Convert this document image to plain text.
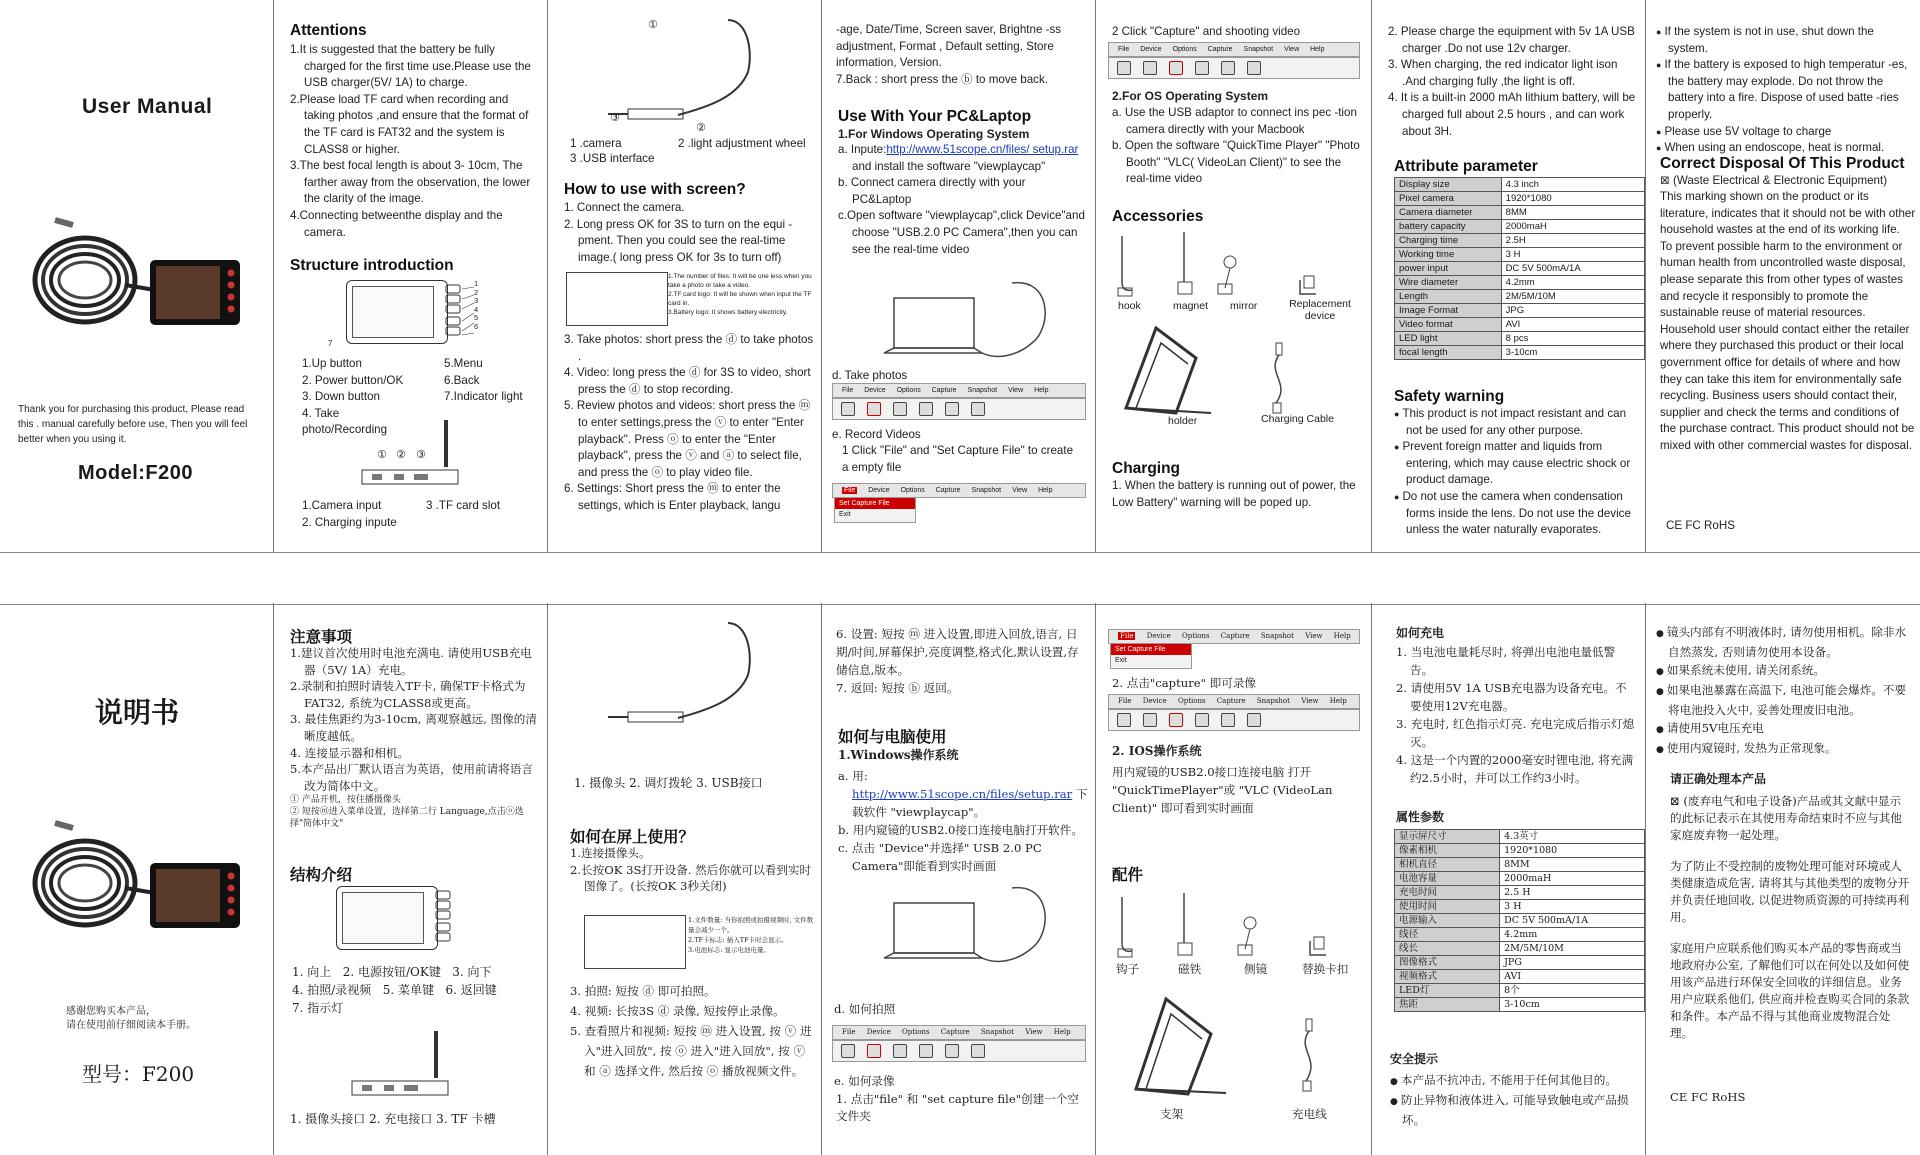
User Manual
Thank you for purchasing this product, Please read this . manual carefully before use, Then you will feel better when you using it.
Model:F200
Attentions

1.It is suggested that the battery be fully charged for the first time use.Please use the USB charger(5V/ 1A) to charge.

2.Please load TF card when recording and taking photos ,and ensure that the format of the TF card is FAT32 and the system is CLASS8 or higher.

3.The best focal length is about 3- 10cm, The farther away from the observation, the lower the clarity of the image.

4.Connecting betweenthe display and the camera.

Structure introduction
1
2
3
4
5
6
7

1.Up button

2. Power button/OK

3. Down button

4. Take photo/Recording

5.Menu

6.Back

7.Indicator light

① ② ③

1.Camera input

2. Charging inpute

3 .TF card slot
①
③
②
1 .camera	2 .light adjustment wheel
3 .USB interface
How to use with screen?

1. Connect the camera.

2. Long press OK for 3S to turn on the equi -pment. Then you could see the real-time image.( long press OK for 3s to turn off)

1.The number of files: It will be one less when you take a photo or take a video.

2.TF card logo: It will be shown when input the TF card in.

3.Battery logo: It shows battery electricity.

3. Take photos: short press the ⓓ to take photos .

4. Video: long press the ⓓ for 3S to video, short press the ⓓ to stop recording.

5. Review photos and videos: short press the ⓜ to enter settings,press the ⓥ to enter "Enter playback". Press ⓞ to enter the "Enter playback", press the ⓥ and ⓐ to select file, and press the ⓞ to play video file.

6. Settings: Short press the ⓜ to enter the settings, which is Enter playback, langu

-age, Date/Time, Screen saver, Brightne -ss adjustment, Format , Default setting, Store information, Version.

7.Back : short press the ⓑ to move back.

Use With Your PC&Laptop
1.For Windows Operating System

a. Inpute:http://www.51scope.cn/files/ setup.rar and install the software "viewplaycap"

b. Connect camera directly with your PC&Laptop

c.Open software "viewplaycap",click Device"and choose "USB.2.0 PC Camera",then you can see the real-time video

d. Take photos
File Device Options Capture Snapshot View Help
e. Record Videos
1 Click "File" and "Set Capture File" to create a empty file
File Device Options Capture Snapshot View Help
Set Capture File
Exit
2 Click "Capture" and shooting video
File Device Options Capture Snapshot View Help
2.For OS Operating System

a. Use the USB adaptor to connect ins pec -tion camera directly with your Macbook

b. Open the software "QuickTime Player" "Photo Booth" "VLC( VideoLan Client)" to see the real-time video

Accessories
hook	magnet mirror	Replacement device
holder	Charging Cable
Charging
1. When the battery is running out of power, the Low Battery" warning will be poped up.

2. Please charge the equipment with 5v 1A USB charger .Do not use 12v charger.

3. When charging, the red indicator light ison .And charging fully ,the light is off.

4. It is a built-in 2000 mAh lithium battery, will be charged full about 2.5 hours , and can work about 3H.

Attribute parameter
Display size	4.3 inch
Pixel camera	1920*1080
Camera diameter	8MM
battery capacity	2000maH
Charging time	2.5H
Working time	3 H
power input	DC 5V 500mA/1A
Wire diameter	4.2mm
Length	2M/5M/10M
Image Format	JPG
Video format	AVI
LED light	8 pcs
focal length	3-10cm
Safety warning

● This product is not impact resistant and can not be used for any other purpose.

● Prevent foreign matter and liquids from entering, which may cause electric shock or product damage.

● Do not use the camera when condensation forms inside the lens. Do not use the device unless the water naturally evaporates.

● If the system is not in use, shut down the system.

● If the battery is exposed to high temperatur -es, the battery may explode. Do not throw the battery into a fire. Dispose of used batte -ries properly.

● Please use 5V voltage to charge

● When using an endoscope, heat is normal.

Correct Disposal Of This Product
⊠ (Waste Electrical & Electronic Equipment)
This marking shown on the product or its literature, indicates that it should not be with other household wastes at the end of its working life.
To prevent possible harm to the environment or human health from uncontrolled waste disposal, please separate this from other types of wastes and recycle it responsibly to promote the sustainable reuse of material resources.
Household user should contact either the retailer where they purchased this product or their local government office for details of where and how they can take this item for environmentally safe recycling. Business users should contact their, supplier and check the terms and conditions of the purchase contract. This product should not be mixed with other commercial wastes for disposal.
CE FC RoHS
说明书
感谢您购买本产品，
请在使用前仔细阅读本手册。
型号：F200
注意事项

1.建议首次使用时电池充满电. 请使用USB充电器（5V/ 1A）充电。

2.录制和拍照时请装入TF卡, 确保TF卡格式为FAT32, 系统为CLASS8或更高。

3. 最佳焦距约为3-10cm, 离观察越远, 图像的清晰度越低。

4. 连接显示器和相机。

5.本产品出厂默认语言为英语，使用前请将语言改为简体中文。

① 产品开机，按住播摄像头

② 短按ⓜ进入菜单设置，选择第二行 Language,点击ⓞ选择"简体中文"

结构介绍
1. 向上 2. 电源按钮/OK键 3. 向下
4. 拍照/录视频 5. 菜单键 6. 返回键
7. 指示灯
1. 摄像头接口 2. 充电接口 3. TF 卡槽
1. 摄像头 2. 调灯拨轮 3. USB接口
如何在屏上使用？

1.连接摄像头。

2.长按OK 3S打开设备. 然后你就可以看到实时图像了。(长按OK 3秒关闭)

1.文件数量: 当你拍照或拍摄视频时, 文件数量会减少一个。

2.TF卡标志: 插入TF卡时会显示。

3.电池标志: 显示电池电量。

3. 拍照: 短按 ⓓ 即可拍照。

4. 视频: 长按3S ⓓ 录像, 短按停止录像。

5. 查看照片和视频: 短按 ⓜ 进入设置, 按 ⓥ 进入"进入回放", 按 ⓞ 进入"进入回放", 按 ⓥ 和 ⓐ 选择文件, 然后按 ⓞ 播放视频文件。

6. 设置: 短按 ⓜ 进入设置,即进入回放,语言, 日期/时间,屏幕保护,亮度调整,格式化,默认设置,存储信息,版本。

7. 返回: 短按 ⓑ 返回。

如何与电脑使用
1.Windows操作系统

a. 用: http://www.51scope.cn/files/setup.rar 下载软件 "viewplaycap"。

b. 用内窥镜的USB2.0接口连接电脑打开软件。

c. 点击 "Device"并选择" USB 2.0 PC Camera"即能看到实时画面

d. 如何拍照
File Device Options Capture Snapshot View Help
e. 如何录像
1. 点击"file" 和 "set capture file"创建一个空文件夹
File Device Options Capture Snapshot View Help
Set Capture File
Exit
2. 点击"capture" 即可录像
File Device Options Capture Snapshot View Help
2. IOS操作系统
用内窥镜的USB2.0接口连接电脑 打开 "QuickTimePlayer"或 "VLC (VideoLan Client)" 即可看到实时画面
配件
钩子	磁铁	侧镜	替换卡扣
支架	充电线
如何充电

1. 当电池电量耗尽时, 将弹出电池电量低警告。

2. 请使用5V 1A USB充电器为设备充电。不要使用12V充电器。

3. 充电时, 红色指示灯亮. 充电完成后指示灯熄灭。

4. 这是一个内置的2000毫安时锂电池, 将充满约2.5小时，并可以工作约3小时。

属性参数
显示屏尺寸	4.3英寸
像素相机	1920*1080
相机直径	8MM
电池容量	2000maH
充电时间	2.5 H
使用时间	3 H
电源输入	DC 5V 500mA/1A
线径	4.2mm
线长	2M/5M/10M
图像格式	JPG
视频格式	AVI
LED灯	8个
焦距	3-10cm
安全提示

● 本产品不抗冲击, 不能用于任何其他目的。

● 防止异物和液体进入, 可能导致触电或产品损坏。

● 镜头内部有不明液体时, 请勿使用相机。除非水自然蒸发, 否则请勿使用本设备。

● 如果系统未使用, 请关闭系统。

● 如果电池暴露在高温下, 电池可能会爆炸。不要将电池投入火中, 妥善处理废旧电池。

● 请使用5V电压充电

● 使用内窥镜时, 发热为正常现象。

请正确处理本产品

⊠ (废弃电气和电子设备)产品或其文献中显示的此标记表示在其使用寿命结束时不应与其他家庭废弃物一起处理。

为了防止不受控制的废物处理可能对环境或人类健康造成危害, 请将其与其他类型的废物分开并负责任地回收, 以促进物质资源的可持续再利用。

家庭用户应联系他们购买本产品的零售商或当地政府办公室, 了解他们可以在何处以及如何使用该产品进行环保安全回收的详细信息。业务用户应联系他们, 供应商并检查购买合同的条款和条件。本产品不得与其他商业废物混合处理。

CE FC RoHS
